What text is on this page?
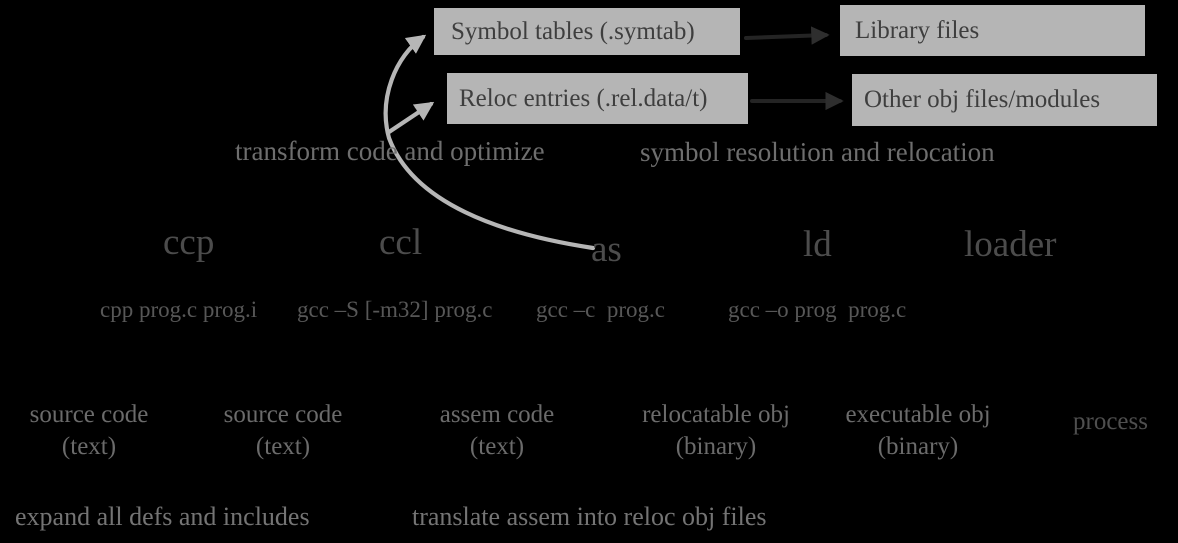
Symbol tables (.symtab)	Library files
Reloc entries (.rel.data/t)	Other obj files/modules
transform code and optimize	symbol resolution and relocation
ccp	ccl	as	ld	loader
cpp prog.c prog.i gcc –S [-m32] prog.c gcc –c  prog.c	gcc –o prog  prog.c
source code
(text)
source code
(text)
assem code
(text)
relocatable obj
(binary)
executable obj
(binary)
process
expand all defs and includes	translate assem into reloc obj files
